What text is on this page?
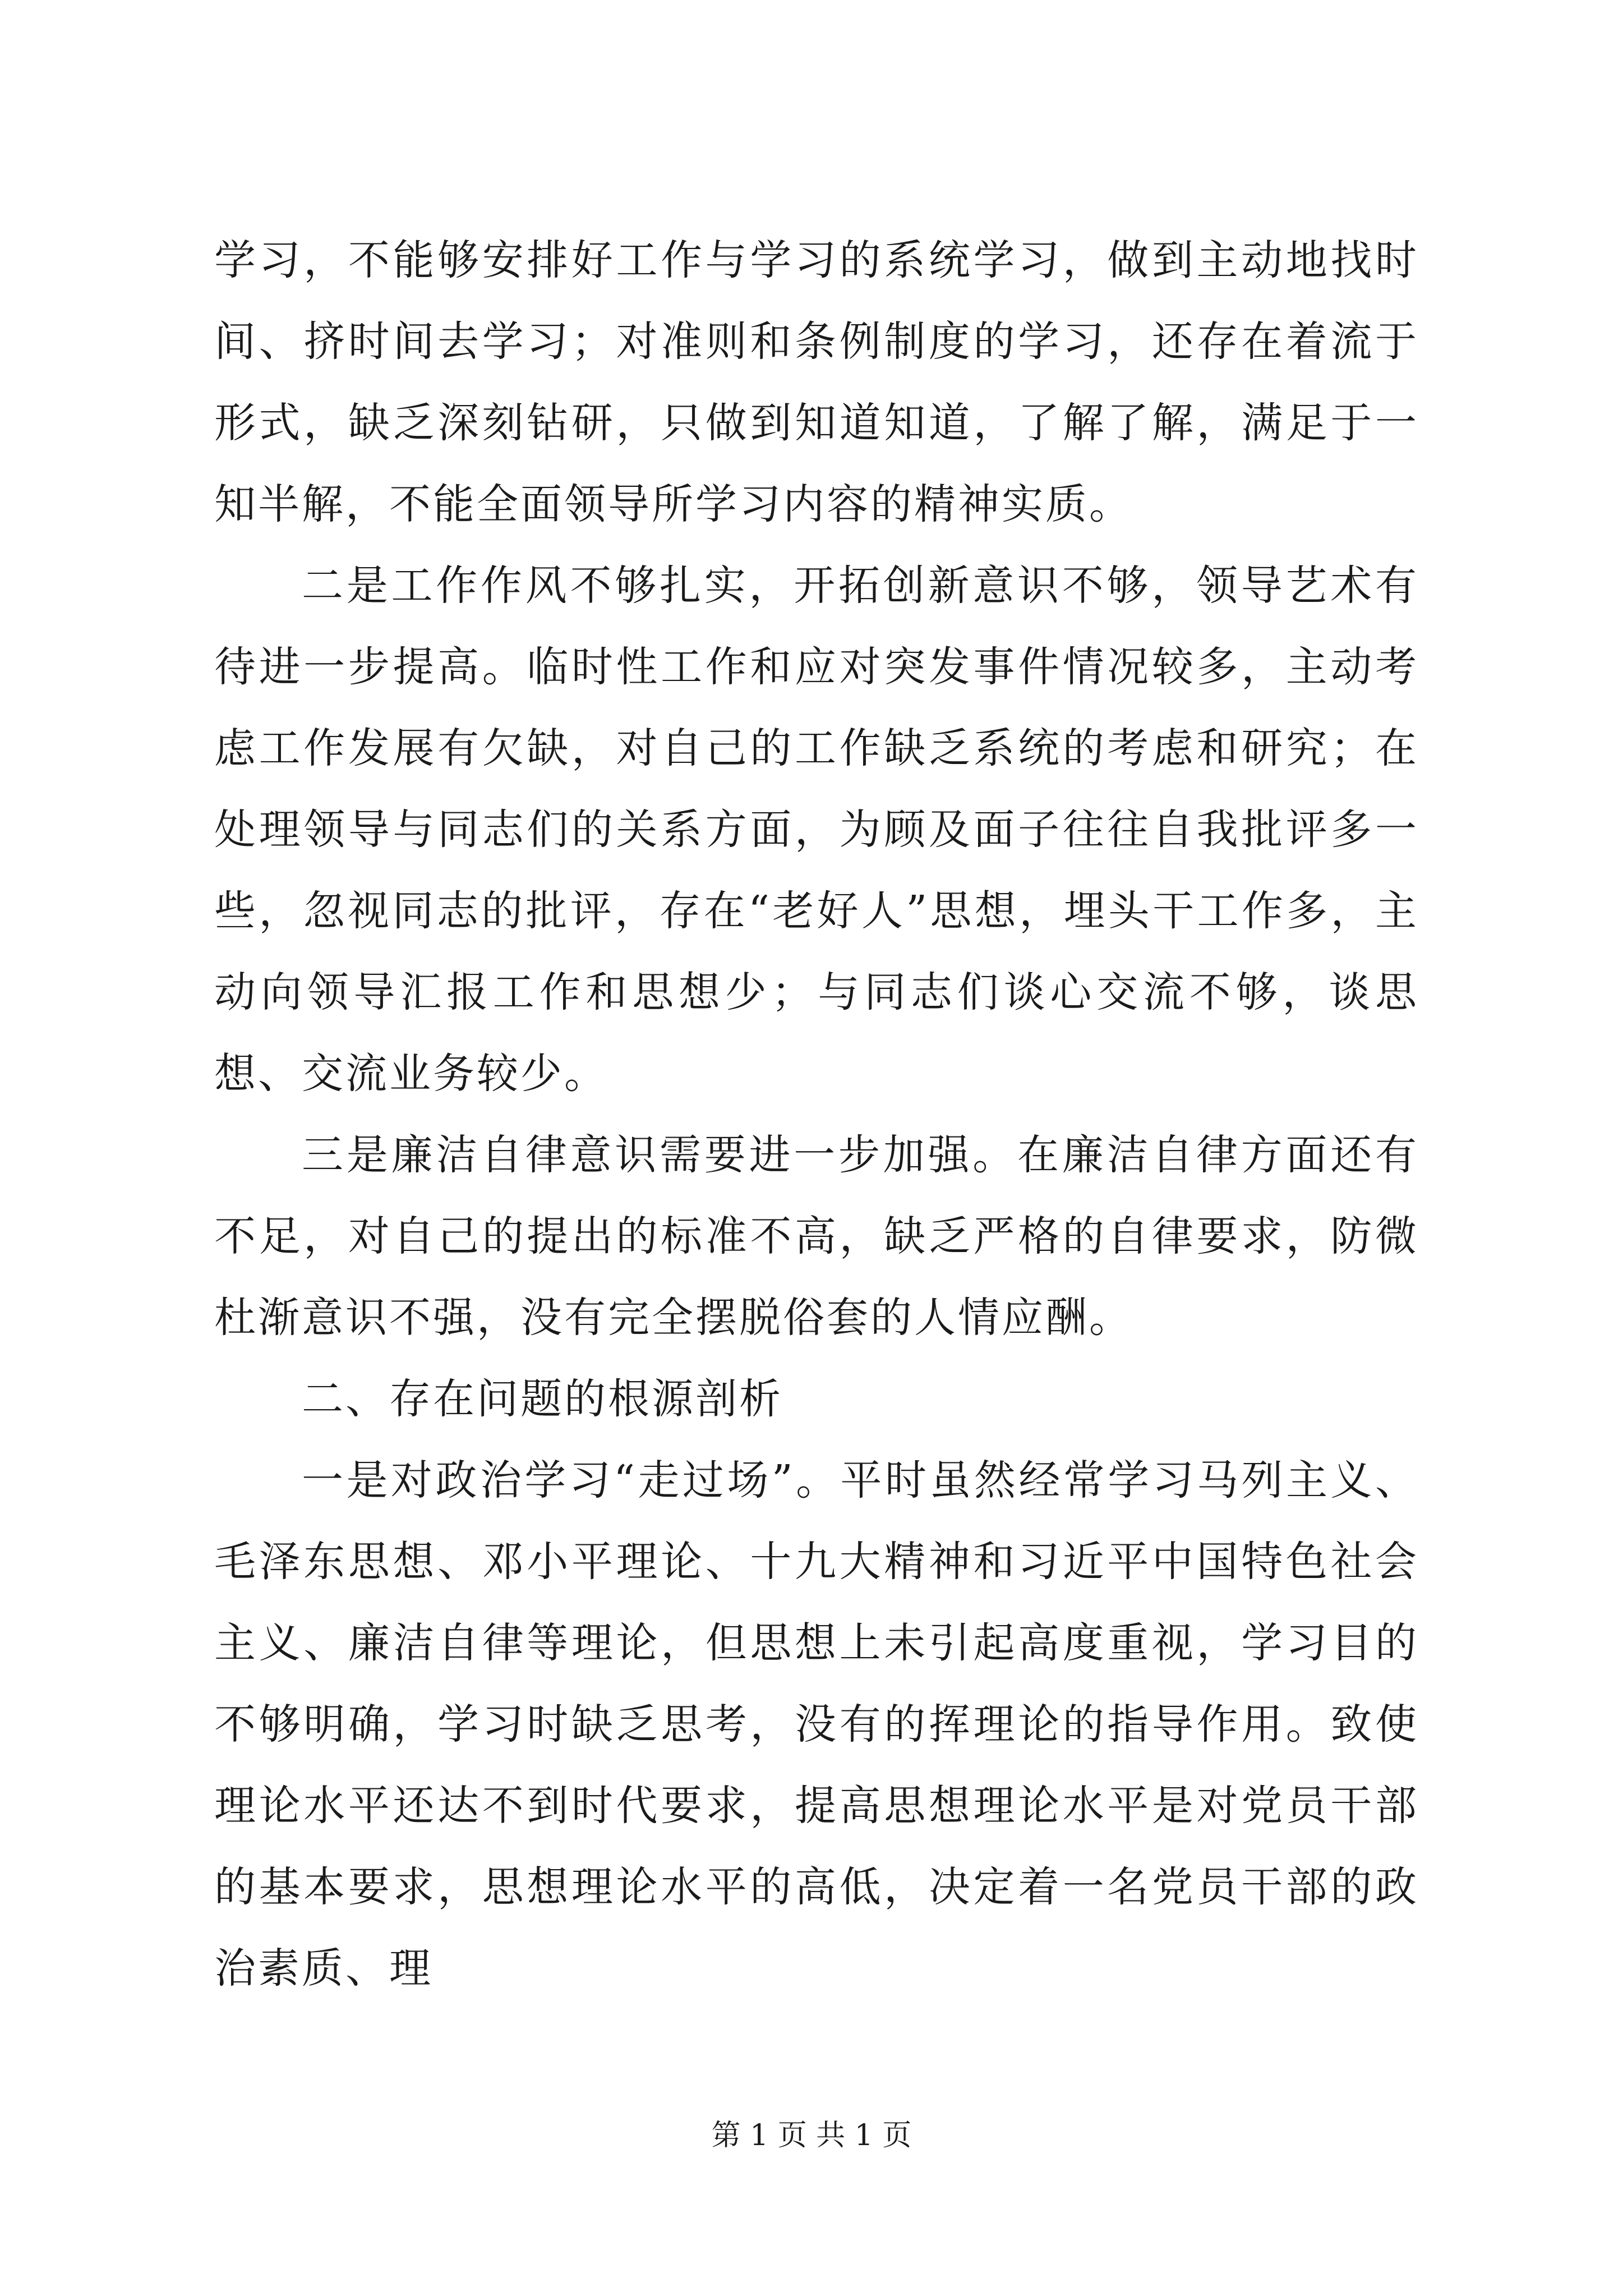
学习，不能够安排好工作与学习的系统学习，做到主动地找时间、挤时间去学习；对准则和条例制度的学习，还存在着流于形式，缺乏深刻钻研，只做到知道知道，了解了解，满足于一知半解，不能全面领导所学习内容的精神实质。

二是工作作风不够扎实，开拓创新意识不够，领导艺术有待进一步提高。临时性工作和应对突发事件情况较多，主动考虑工作发展有欠缺，对自己的工作缺乏系统的考虑和研究；在处理领导与同志们的关系方面，为顾及面子往往自我批评多一些，忽视同志的批评，存在“老好人”思想，埋头干工作多，主动向领导汇报工作和思想少；与同志们谈心交流不够，谈思想、交流业务较少。

三是廉洁自律意识需要进一步加强。在廉洁自律方面还有不足，对自己的提出的标准不高，缺乏严格的自律要求，防微杜渐意识不强，没有完全摆脱俗套的人情应酬。

二、存在问题的根源剖析

一是对政治学习“走过场”。平时虽然经常学习马列主义、毛泽东思想、邓小平理论、十九大精神和习近平中国特色社会主义、廉洁自律等理论，但思想上未引起高度重视，学习目的不够明确，学习时缺乏思考，没有的挥理论的指导作用。致使理论水平还达不到时代要求，提高思想理论水平是对党员干部的基本要求，思想理论水平的高低，决定着一名党员干部的政治素质、理

第 1 页 共 1 页
